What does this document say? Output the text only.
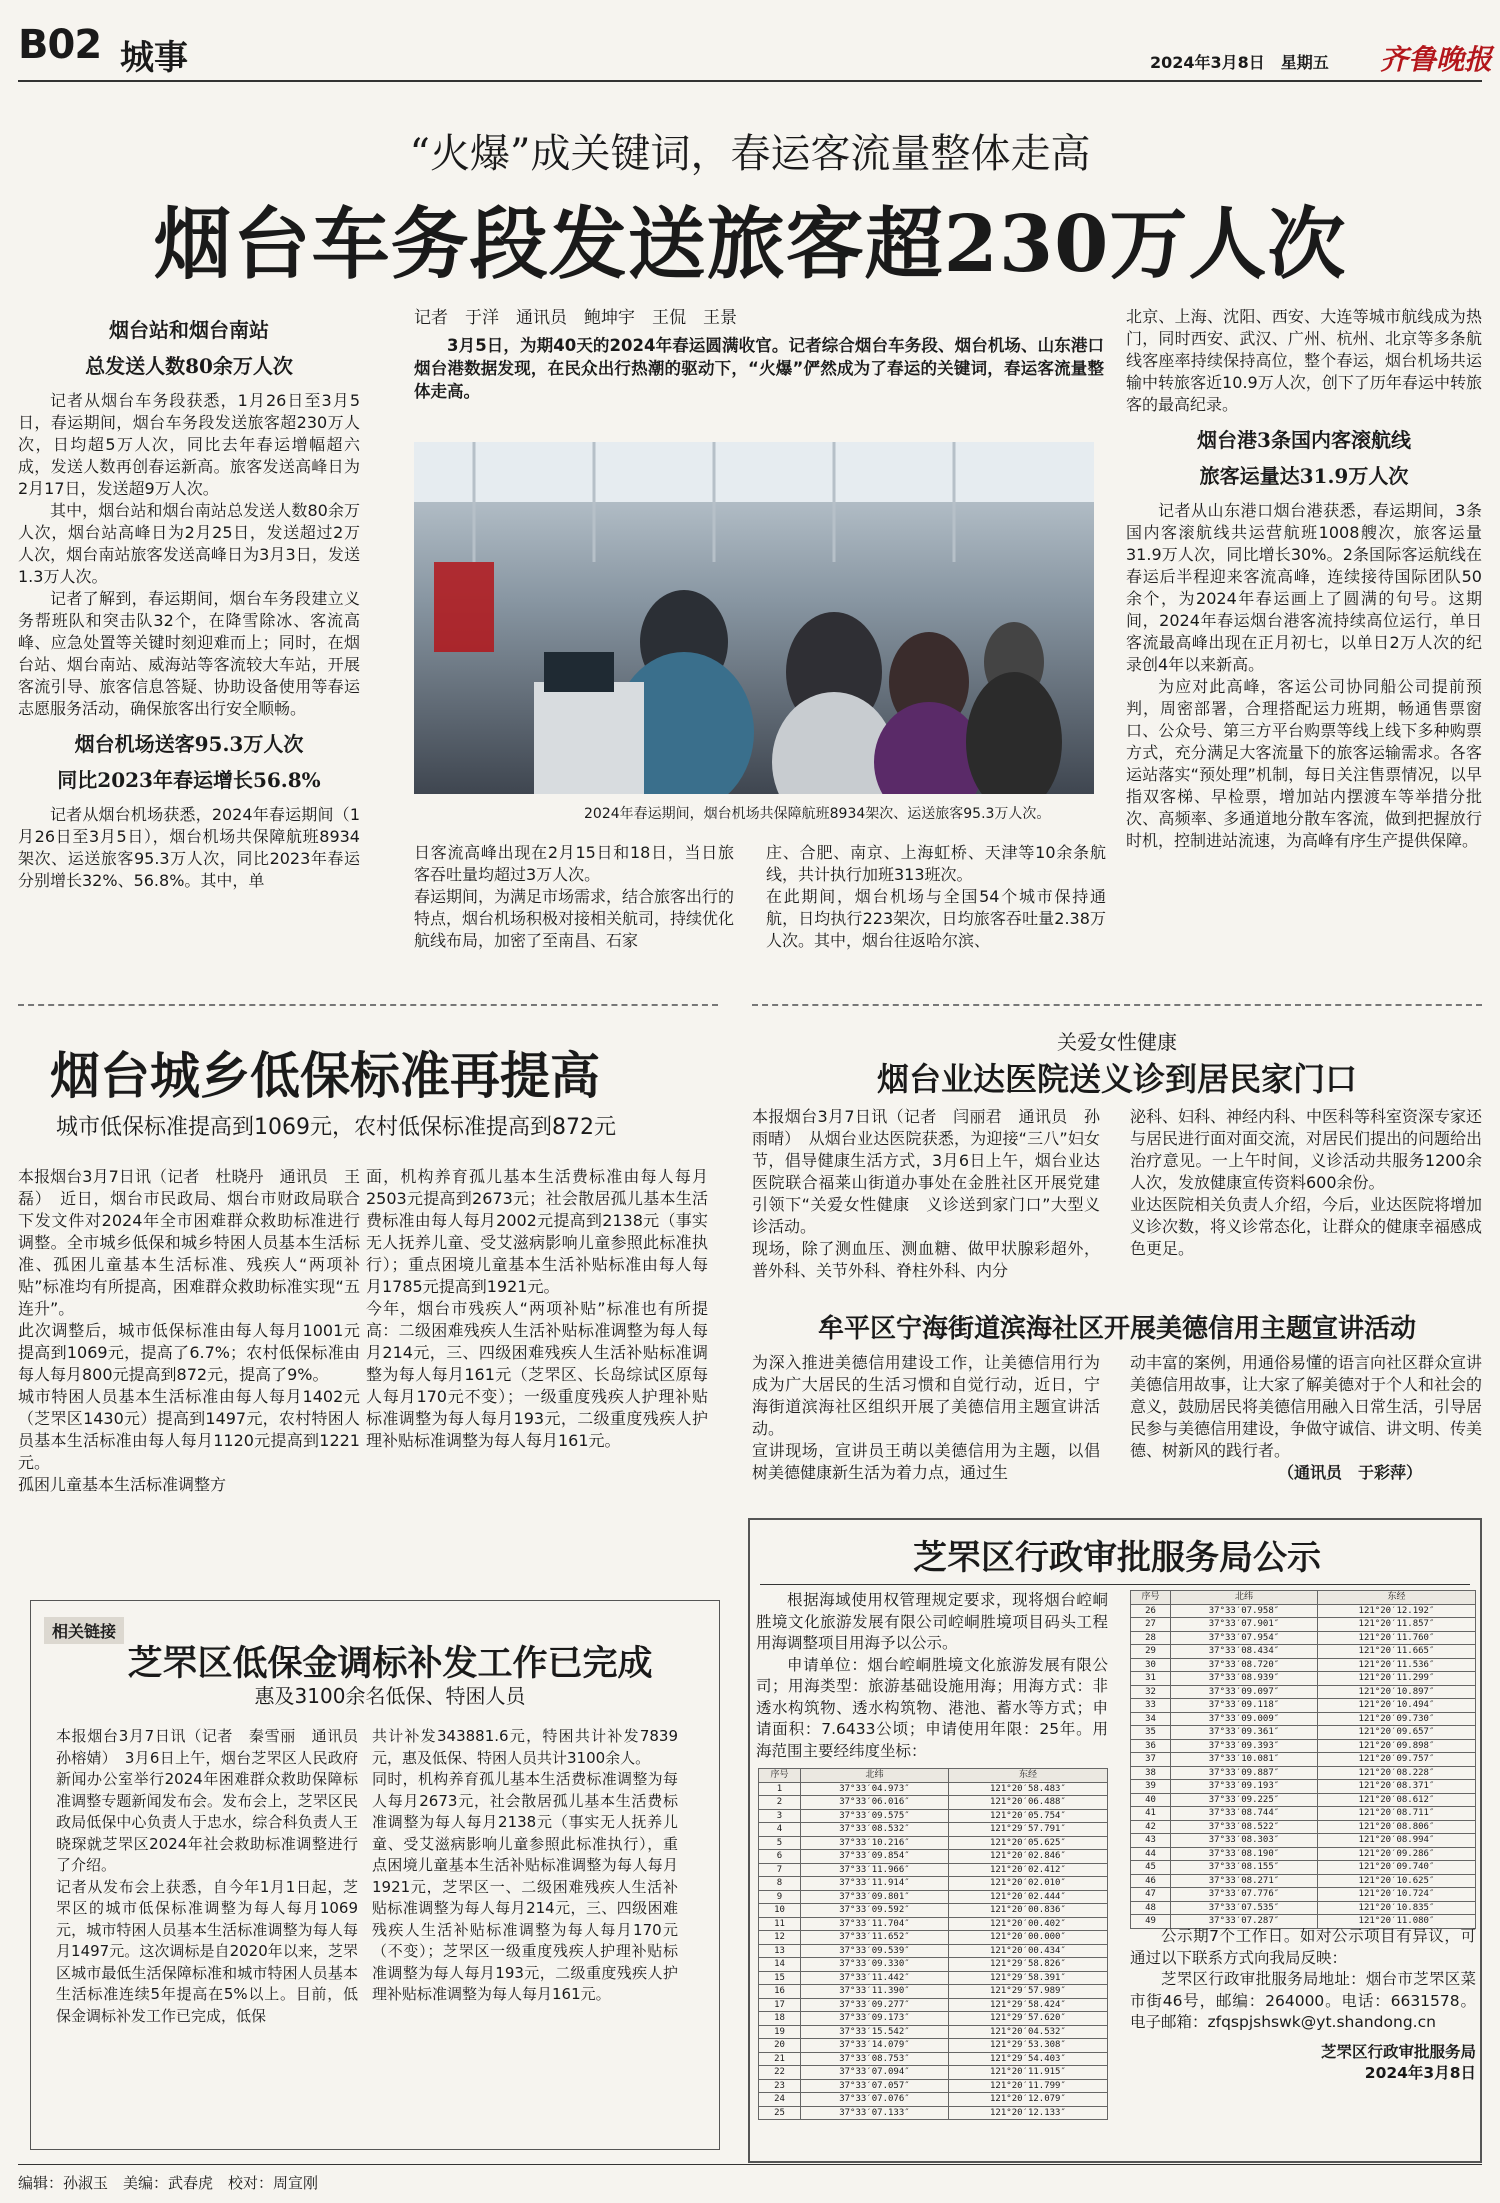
B02 城事	2024年3月8日　星期五 齐鲁晚报
“火爆”成关键词，春运客流量整体走高
烟台车务段发送旅客超230万人次
烟台站和烟台南站
总发送人数80余万人次

记者从烟台车务段获悉，1月26日至3月5日，春运期间，烟台车务段发送旅客超230万人次，日均超5万人次，同比去年春运增幅超六成，发送人数再创春运新高。旅客发送高峰日为2月17日，发送超9万人次。

其中，烟台站和烟台南站总发送人数80余万人次，烟台站高峰日为2月25日，发送超过2万人次，烟台南站旅客发送高峰日为3月3日，发送1.3万人次。

记者了解到，春运期间，烟台车务段建立义务帮班队和突击队32个，在降雪除冰、客流高峰、应急处置等关键时刻迎难而上；同时，在烟台站、烟台南站、威海站等客流较大车站，开展客流引导、旅客信息答疑、协助设备使用等春运志愿服务活动，确保旅客出行安全顺畅。

烟台机场送客95.3万人次
同比2023年春运增长56.8%

记者从烟台机场获悉，2024年春运期间（1月26日至3月5日），烟台机场共保障航班8934架次、运送旅客95.3万人次，同比2023年春运分别增长32%、56.8%。其中，单

记者　于洋　通讯员　鲍坤宇　王侃　王景

3月5日，为期40天的2024年春运圆满收官。记者综合烟台车务段、烟台机场、山东港口烟台港数据发现，在民众出行热潮的驱动下，“火爆”俨然成为了春运的关键词，春运客流量整体走高。

2024年春运期间，烟台机场共保障航班8934架次、运送旅客95.3万人次。
日客流高峰出现在2月15日和18日，当日旅客吞吐量均超过3万人次。
春运期间，为满足市场需求，结合旅客出行的特点，烟台机场积极对接相关航司，持续优化航线布局，加密了至南昌、石家
庄、合肥、南京、上海虹桥、天津等10余条航线，共计执行加班313班次。
在此期间，烟台机场与全国54个城市保持通航，日均执行223架次，日均旅客吞吐量2.38万人次。其中，烟台往返哈尔滨、

北京、上海、沈阳、西安、大连等城市航线成为热门，同时西安、武汉、广州、杭州、北京等多条航线客座率持续保持高位，整个春运，烟台机场共运输中转旅客近10.9万人次，创下了历年春运中转旅客的最高纪录。

烟台港3条国内客滚航线
旅客运量达31.9万人次

记者从山东港口烟台港获悉，春运期间，3条国内客滚航线共运营航班1008艘次，旅客运量31.9万人次，同比增长30%。2条国际客运航线在春运后半程迎来客流高峰，连续接待国际团队50余个，为2024年春运画上了圆满的句号。这期间，2024年春运烟台港客流持续高位运行，单日客流最高峰出现在正月初七，以单日2万人次的纪录创4年以来新高。

为应对此高峰，客运公司协同船公司提前预判，周密部署，合理搭配运力班期，畅通售票窗口、公众号、第三方平台购票等线上线下多种购票方式，充分满足大客流量下的旅客运输需求。各客运站落实“预处理”机制，每日关注售票情况，以早指双客梯、早检票，增加站内摆渡车等举措分批次、高频率、多通道地分散车客流，做到把握放行时机，控制进站流速，为高峰有序生产提供保障。

烟台城乡低保标准再提高
城市低保标准提高到1069元，农村低保标准提高到872元
本报烟台3月7日讯（记者　杜晓丹　通讯员　王磊）　近日，烟台市民政局、烟台市财政局联合下发文件对2024年全市困难群众救助标准进行调整。全市城乡低保和城乡特困人员基本生活标准、孤困儿童基本生活标准、残疾人“两项补贴”标准均有所提高，困难群众救助标准实现“五连升”。
此次调整后，城市低保标准由每人每月1001元提高到1069元，提高了6.7%；农村低保标准由每人每月800元提高到872元，提高了9%。
城市特困人员基本生活标准由每人每月1402元（芝罘区1430元）提高到1497元，农村特困人员基本生活标准由每人每月1120元提高到1221元。
孤困儿童基本生活标准调整方
面，机构养育孤儿基本生活费标准由每人每月2503元提高到2673元；社会散居孤儿基本生活费标准由每人每月2002元提高到2138元（事实无人抚养儿童、受艾滋病影响儿童参照此标准执行）；重点困境儿童基本生活补贴标准由每人每月1785元提高到1921元。
今年，烟台市残疾人“两项补贴”标准也有所提高：二级困难残疾人生活补贴标准调整为每人每月214元，三、四级困难残疾人生活补贴标准调整为每人每月161元（芝罘区、长岛综试区原每人每月170元不变）；一级重度残疾人护理补贴标准调整为每人每月193元，二级重度残疾人护理补贴标准调整为每人每月161元。
相关链接
芝罘区低保金调标补发工作已完成
惠及3100余名低保、特困人员
本报烟台3月7日讯（记者　秦雪丽　通讯员　孙榕婧）　3月6日上午，烟台芝罘区人民政府新闻办公室举行2024年困难群众救助保障标准调整专题新闻发布会。发布会上，芝罘区民政局低保中心负责人于忠水，综合科负责人王晓琛就芝罘区2024年社会救助标准调整进行了介绍。
记者从发布会上获悉，自今年1月1日起，芝罘区的城市低保标准调整为每人每月1069元，城市特困人员基本生活标准调整为每人每月1497元。这次调标是自2020年以来，芝罘区城市最低生活保障标准和城市特困人员基本生活标准连续5年提高在5%以上。目前，低保金调标补发工作已完成，低保
共计补发343881.6元，特困共计补发7839元，惠及低保、特困人员共计3100余人。
同时，机构养育孤儿基本生活费标准调整为每人每月2673元，社会散居孤儿基本生活费标准调整为每人每月2138元（事实无人抚养儿童、受艾滋病影响儿童参照此标准执行），重点困境儿童基本生活补贴标准调整为每人每月1921元，芝罘区一、二级困难残疾人生活补贴标准调整为每人每月214元，三、四级困难残疾人生活补贴标准调整为每人每月170元（不变）；芝罘区一级重度残疾人护理补贴标准调整为每人每月193元，二级重度残疾人护理补贴标准调整为每人每月161元。
关爱女性健康
烟台业达医院送义诊到居民家门口
本报烟台3月7日讯（记者　闫丽君　通讯员　孙雨晴）　从烟台业达医院获悉，为迎接“三八”妇女节，倡导健康生活方式，3月6日上午，烟台业达医院联合福莱山街道办事处在金胜社区开展党建引领下“关爱女性健康　义诊送到家门口”大型义诊活动。
现场，除了测血压、测血糖、做甲状腺彩超外，普外科、关节外科、脊柱外科、内分
泌科、妇科、神经内科、中医科等科室资深专家还与居民进行面对面交流，对居民们提出的问题给出治疗意见。一上午时间，义诊活动共服务1200余人次，发放健康宣传资料600余份。
业达医院相关负责人介绍，今后，业达医院将增加义诊次数，将义诊常态化，让群众的健康幸福感成色更足。
牟平区宁海街道滨海社区开展美德信用主题宣讲活动
为深入推进美德信用建设工作，让美德信用行为成为广大居民的生活习惯和自觉行动，近日，宁海街道滨海社区组织开展了美德信用主题宣讲活动。
宣讲现场，宣讲员王萌以美德信用为主题，以倡树美德健康新生活为着力点，通过生
动丰富的案例，用通俗易懂的语言向社区群众宣讲美德信用故事，让大家了解美德对于个人和社会的意义，鼓励居民将美德信用融入日常生活，引导居民参与美德信用建设，争做守诚信、讲文明、传美德、树新风的践行者。
（通讯员　于彩萍）
芝罘区行政审批服务局公示

根据海域使用权管理规定要求，现将烟台崆峒胜境文化旅游发展有限公司崆峒胜境项目码头工程用海调整项目用海予以公示。

申请单位：烟台崆峒胜境文化旅游发展有限公司；用海类型：旅游基础设施用海；用海方式：非透水构筑物、透水构筑物、港池、蓄水等方式；申请面积：7.6433公顷；申请使用年限：25年。用海范围主要经纬度坐标：

序号	北纬	东经
1	37°33′04.973″	121°20′58.483″
2	37°33′06.016″	121°20′06.488″
3	37°33′09.575″	121°20′05.754″
4	37°33′08.532″	121°29′57.791″
5	37°33′10.216″	121°20′05.625″
6	37°33′09.854″	121°20′02.846″
7	37°33′11.966″	121°20′02.412″
8	37°33′11.914″	121°20′02.010″
9	37°33′09.801″	121°20′02.444″
10	37°33′09.592″	121°20′00.836″
11	37°33′11.704″	121°20′00.402″
12	37°33′11.652″	121°20′00.000″
13	37°33′09.539″	121°20′00.434″
14	37°33′09.330″	121°29′58.826″
15	37°33′11.442″	121°29′58.391″
16	37°33′11.390″	121°29′57.989″
17	37°33′09.277″	121°29′58.424″
18	37°33′09.173″	121°29′57.620″
19	37°33′15.542″	121°20′04.532″
20	37°33′14.079″	121°29′53.308″
21	37°33′08.753″	121°29′54.403″
22	37°33′07.094″	121°20′11.915″
23	37°33′07.057″	121°20′11.799″
24	37°33′07.076″	121°20′12.079″
25	37°33′07.133″	121°20′12.133″
序号	北纬	东经
26	37°33′07.958″	121°20′12.192″
27	37°33′07.901″	121°20′11.857″
28	37°33′07.954″	121°20′11.760″
29	37°33′08.434″	121°20′11.665″
30	37°33′08.720″	121°20′11.536″
31	37°33′08.939″	121°20′11.299″
32	37°33′09.097″	121°20′10.897″
33	37°33′09.118″	121°20′10.494″
34	37°33′09.009″	121°20′09.730″
35	37°33′09.361″	121°20′09.657″
36	37°33′09.393″	121°20′09.898″
37	37°33′10.081″	121°20′09.757″
38	37°33′09.887″	121°20′08.228″
39	37°33′09.193″	121°20′08.371″
40	37°33′09.225″	121°20′08.612″
41	37°33′08.744″	121°20′08.711″
42	37°33′08.522″	121°20′08.806″
43	37°33′08.303″	121°20′08.994″
44	37°33′08.190″	121°20′09.286″
45	37°33′08.155″	121°20′09.740″
46	37°33′08.271″	121°20′10.625″
47	37°33′07.776″	121°20′10.724″
48	37°33′07.535″	121°20′10.835″
49	37°33′07.287″	121°20′11.080″

公示期7个工作日。如对公示项目有异议，可通过以下联系方式向我局反映：

芝罘区行政审批服务局地址：烟台市芝罘区菜市街46号，邮编：264000。电话：6631578。电子邮箱：zfqspjshswk@yt.shandong.cn

芝罘区行政审批服务局
2024年3月8日
编辑：孙淑玉　美编：武春虎　校对：周宣刚
